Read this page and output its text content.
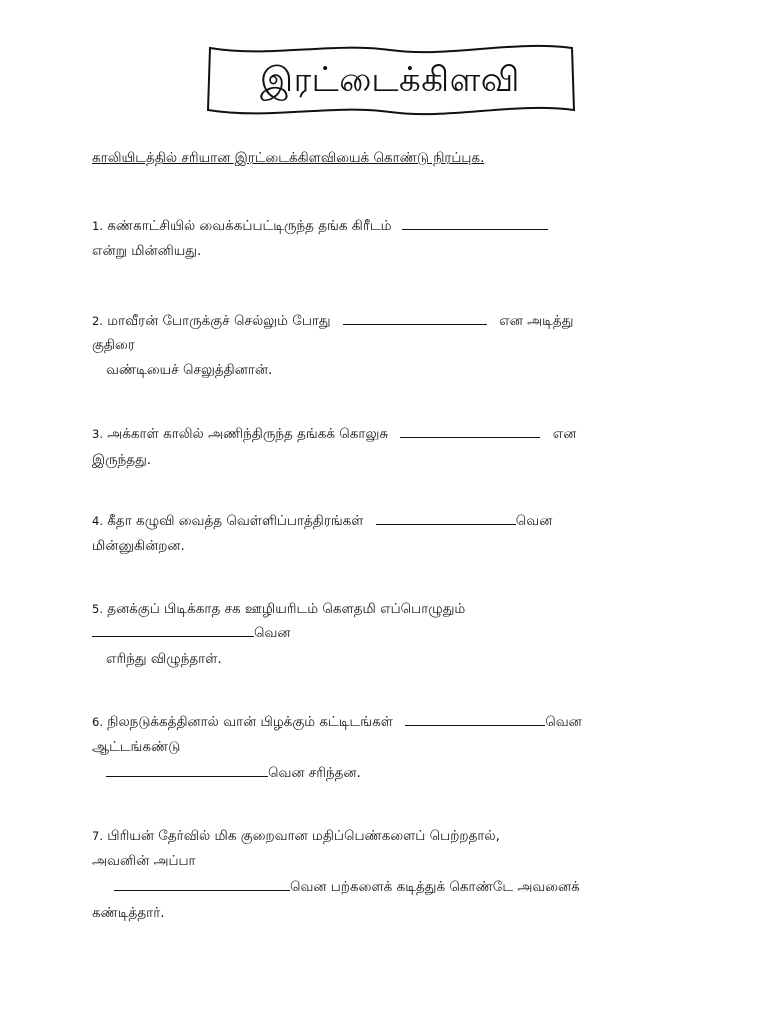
இரட்டைக்கிளவி
காலியிடத்தில் சரியான இரட்டைக்கிளவியைக் கொண்டு நிரப்புக.
1. கண்காட்சியில் வைக்கப்பட்டிருந்த தங்க கிரீடம்
என்று மின்னியது.
2. மாவீரன் போருக்குச் செல்லும் போது	என அடித்து
குதிரை
வண்டியைச் செலுத்தினான்.
3. அக்காள் காலில் அணிந்திருந்த தங்கக் கொலுசு	என
இருந்தது.
4. கீதா கழுவி வைத்த வெள்ளிப்பாத்திரங்கள்	வென
மின்னுகின்றன.
5. தனக்குப் பிடிக்காத சக ஊழியரிடம் கௌதமி எப்பொழுதும்
வென
எரிந்து விழுந்தாள்.
6. நிலநடுக்கத்தினால் வான் பிழக்கும் கட்டிடங்கள்	வென
ஆட்டங்கண்டு
வென சரிந்தன.
7. பிரியன் தேர்வில் மிக குறைவான மதிப்பெண்களைப் பெற்றதால்,
அவனின் அப்பா
வென பற்களைக் கடித்துக் கொண்டே அவனைக்
கண்டித்தார்.
